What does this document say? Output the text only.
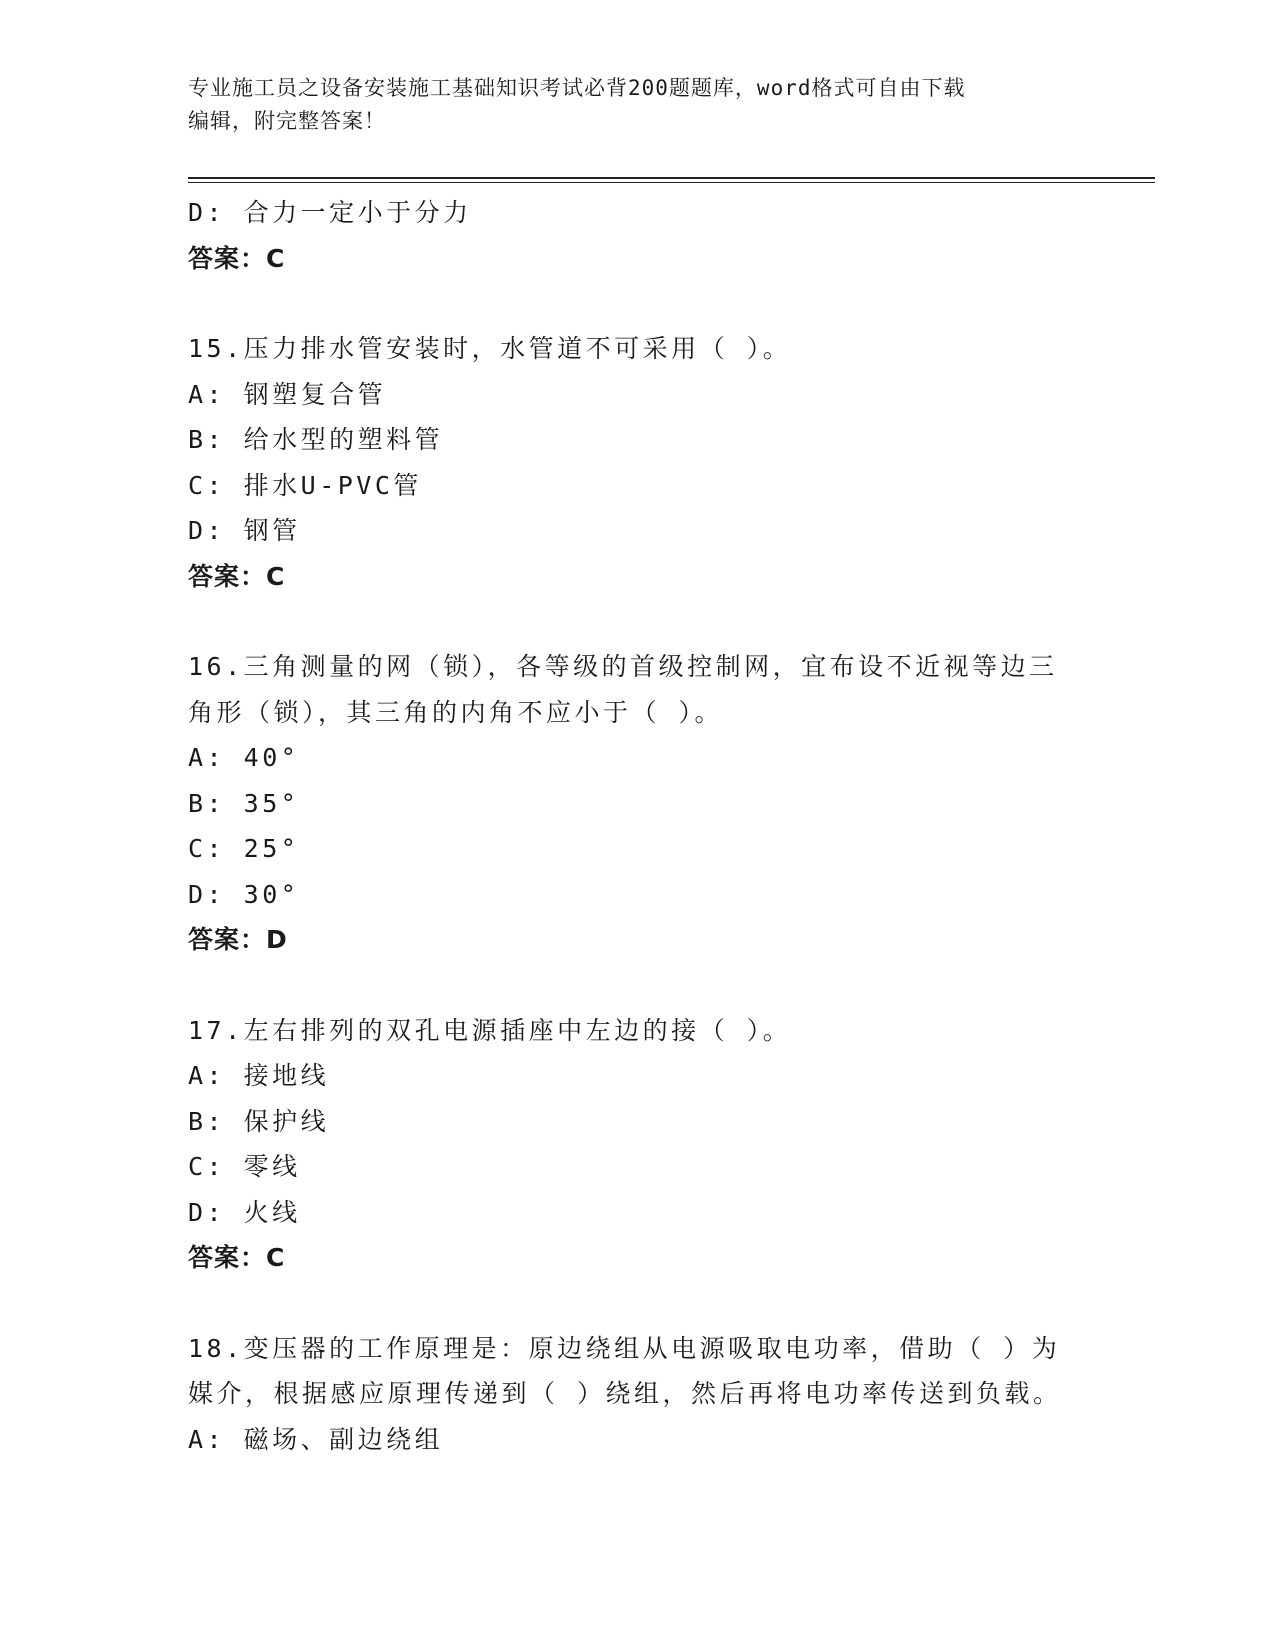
专业施工员之设备安装施工基础知识考试必背200题题库，word格式可自由下载
编辑，附完整答案！
D: 合力一定小于分力
答案：C
15.压力排水管安装时，水管道不可采用（ ）。
A: 钢塑复合管
B: 给水型的塑料管
C: 排水U-PVC管
D: 钢管
答案：C
16.三角测量的网（锁），各等级的首级控制网，宜布设不近视等边三
角形（锁），其三角的内角不应小于（ ）。
A: 40°
B: 35°
C: 25°
D: 30°
答案：D
17.左右排列的双孔电源插座中左边的接（ ）。
A: 接地线
B: 保护线
C: 零线
D: 火线
答案：C
18.变压器的工作原理是：原边绕组从电源吸取电功率，借助（ ）为
媒介，根据感应原理传递到（ ）绕组，然后再将电功率传送到负载。
A: 磁场、副边绕组
